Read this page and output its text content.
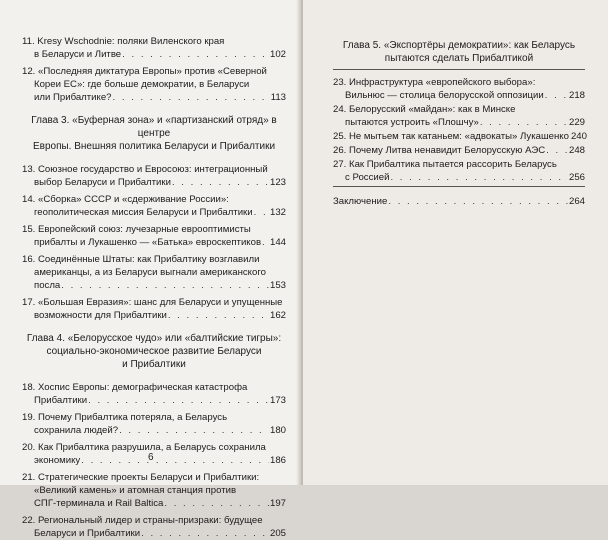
11. Kresy Wschodnie: поляки Виленского края
в Беларуси и Литве . . .	102
12. «Последняя диктатура Европы» против «Северной
Кореи ЕС»: где больше демократии, в Беларуси
или Прибалтике? . . .	113
Глава 3. «Буферная зона» и «партизанский отряд» в центре
Европы. Внешняя политика Беларуси и Прибалтики
13. Союзное государство и Евросоюз: интеграционный
выбор Беларуси и Прибалтики . . .	123
14. «Сборка» СССР и «сдерживание России»:
геополитическая миссия Беларуси и Прибалтики . . . 132
15. Европейский союз: лучезарные еврооптимисты
прибалты и Лукашенко — «Батька» евроскептиков . . . 144
16. Соединённые Штаты: как Прибалтику возглавили
американцы, а из Беларуси выгнали американского
посла . . .	153
17. «Большая Евразия»: шанс для Беларуси и упущенные
возможности для Прибалтики . . .	162
Глава 4. «Белорусское чудо» или «балтийские тигры»:
социально-экономическое развитие Беларуси
и Прибалтики
18. Хоспис Европы: демографическая катастрофа
Прибалтики . . .	173
19. Почему Прибалтика потеряла, а Беларусь
сохранила людей? . . .	180
20. Как Прибалтика разрушила, а Беларусь сохранила
экономику . . .	186
21. Стратегические проекты Беларуси и Прибалтики:
«Великий камень» и атомная станция против
СПГ-терминала и Rail Baltica . . .	197
22. Региональный лидер и страны-призраки: будущее
Беларуси и Прибалтики . . .	205
Глава 5. «Экспортёры демократии»: как Беларусь
пытаются сделать Прибалтикой
23. Инфраструктура «европейского выбора»:
Вильнюс — столица белорусской оппозиции . . .	218
24. Белорусский «майдан»: как в Минске
пытаются устроить «Плошчу» . . .	229
25. Не мытьем так катаньем: «адвокаты» Лукашенко 240
26. Почему Литва ненавидит Белорусскую АЭС . . . 248
27. Как Прибалтика пытается рассорить Беларусь
с Россией . . .	256
Заключение . . .	264
6
